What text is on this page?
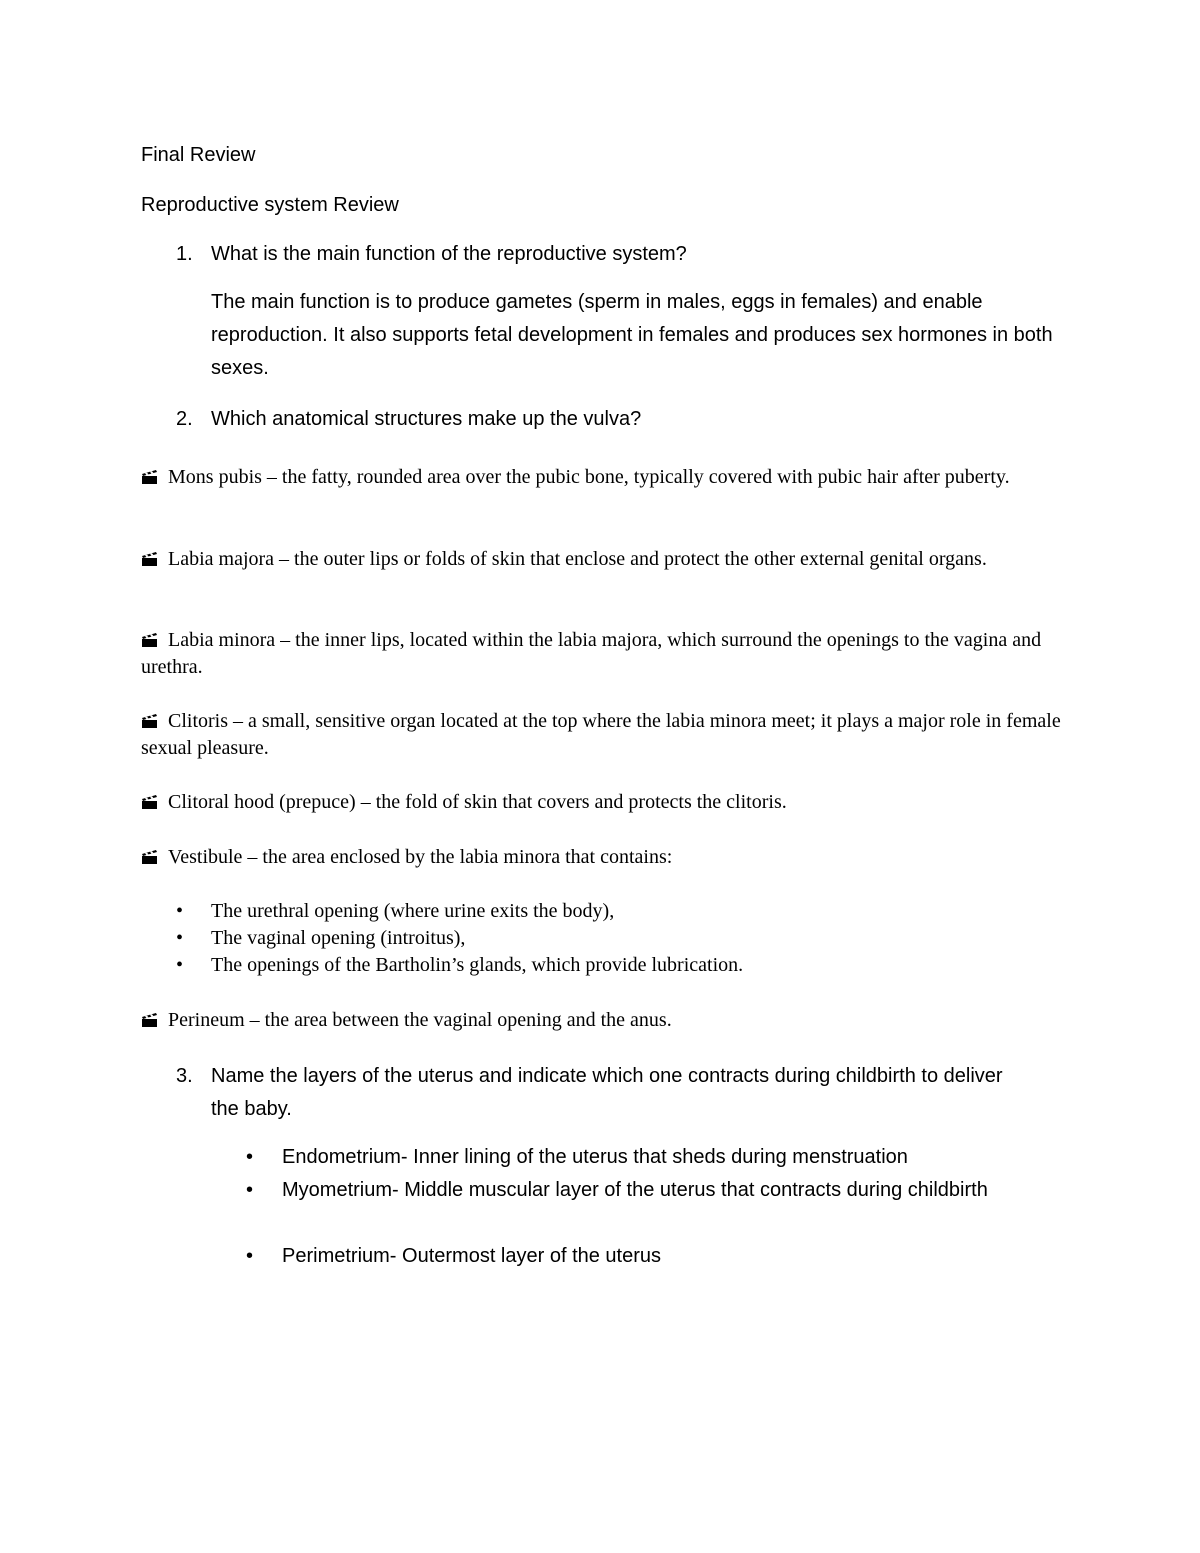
Final Review
Reproductive system Review
1. What is the main function of the reproductive system?
The main function is to produce gametes (sperm in males, eggs in females) and enable reproduction. It also supports fetal development in females and produces sex hormones in both sexes.
2. Which anatomical structures make up the vulva?
Mons pubis – the fatty, rounded area over the pubic bone, typically covered with pubic hair after puberty.
Labia majora – the outer lips or folds of skin that enclose and protect the other external genital organs.
Labia minora – the inner lips, located within the labia majora, which surround the openings to the vagina and urethra.
Clitoris – a small, sensitive organ located at the top where the labia minora meet; it plays a major role in female sexual pleasure.
Clitoral hood (prepuce) – the fold of skin that covers and protects the clitoris.
Vestibule – the area enclosed by the labia minora that contains:
• The urethral opening (where urine exits the body),
• The vaginal opening (introitus),
• The openings of the Bartholin’s glands, which provide lubrication.
Perineum – the area between the vaginal opening and the anus.
3. Name the layers of the uterus and indicate which one contracts during childbirth to deliver the baby.
• Endometrium- Inner lining of the uterus that sheds during menstruation
• Myometrium- Middle muscular layer of the uterus that contracts during childbirth
• Perimetrium- Outermost layer of the uterus
